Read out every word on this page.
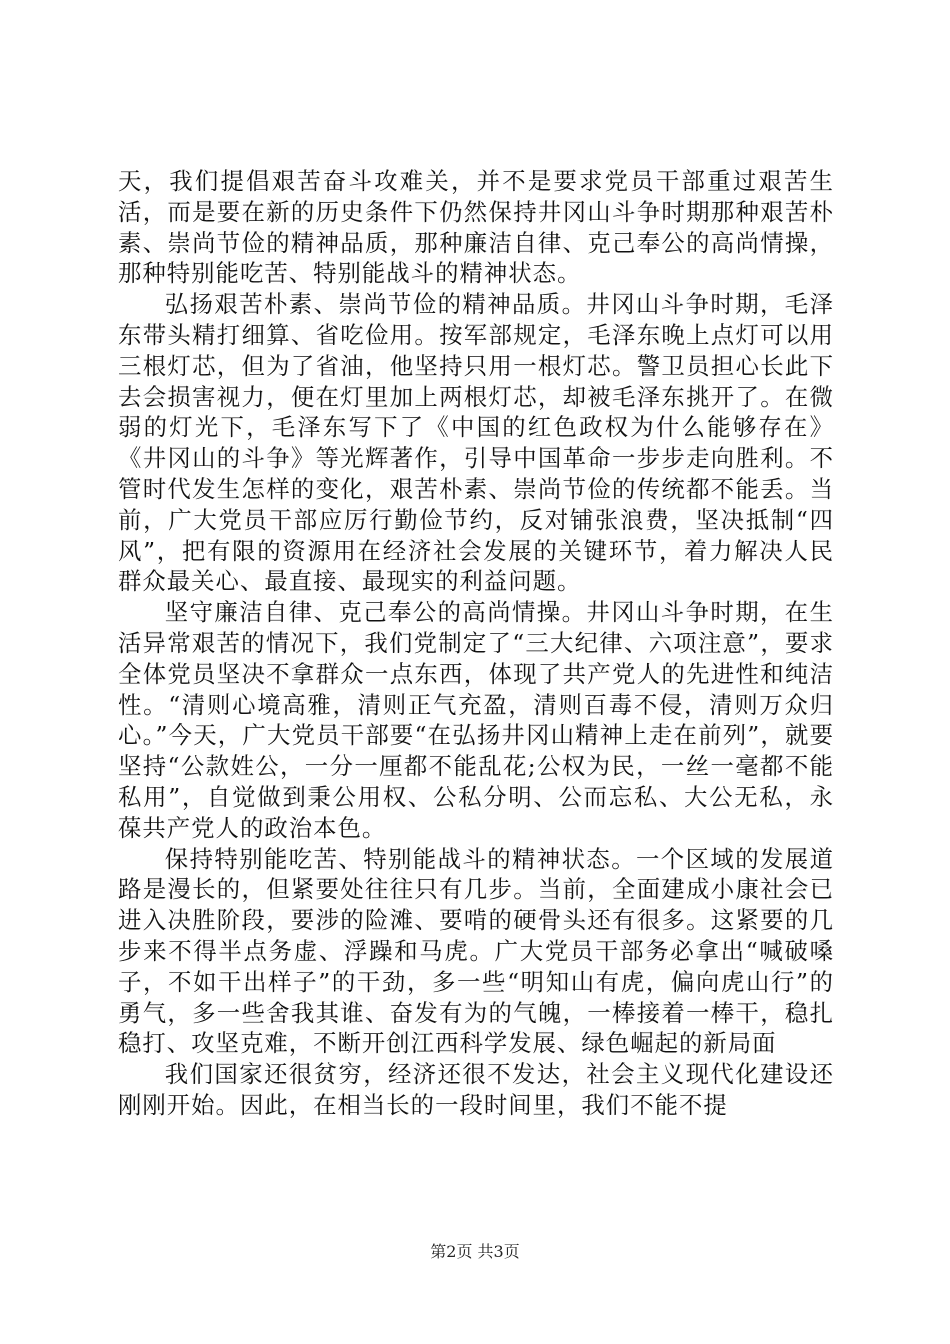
天，我们提倡艰苦奋斗攻难关，并不是要求党员干部重过艰苦生活，而是要在新的历史条件下仍然保持井冈山斗争时期那种艰苦朴素、崇尚节俭的精神品质，那种廉洁自律、克己奉公的高尚情操，那种特别能吃苦、特别能战斗的精神状态。

弘扬艰苦朴素、崇尚节俭的精神品质。井冈山斗争时期，毛泽东带头精打细算、省吃俭用。按军部规定，毛泽东晚上点灯可以用三根灯芯，但为了省油，他坚持只用一根灯芯。警卫员担心长此下去会损害视力，便在灯里加上两根灯芯，却被毛泽东挑开了。在微弱的灯光下，毛泽东写下了《中国的红色政权为什么能够存在》《井冈山的斗争》等光辉著作，引导中国革命一步步走向胜利。不管时代发生怎样的变化，艰苦朴素、崇尚节俭的传统都不能丢。当前，广大党员干部应厉行勤俭节约，反对铺张浪费，坚决抵制“四风”，把有限的资源用在经济社会发展的关键环节，着力解决人民群众最关心、最直接、最现实的利益问题。

坚守廉洁自律、克己奉公的高尚情操。井冈山斗争时期，在生活异常艰苦的情况下，我们党制定了“三大纪律、六项注意”，要求全体党员坚决不拿群众一点东西，体现了共产党人的先进性和纯洁性。“清则心境高雅，清则正气充盈，清则百毒不侵，清则万众归心。”今天，广大党员干部要“在弘扬井冈山精神上走在前列”，就要坚持“公款姓公，一分一厘都不能乱花;公权为民，一丝一毫都不能私用”，自觉做到秉公用权、公私分明、公而忘私、大公无私，永葆共产党人的政治本色。

保持特别能吃苦、特别能战斗的精神状态。一个区域的发展道路是漫长的，但紧要处往往只有几步。当前，全面建成小康社会已进入决胜阶段，要涉的险滩、要啃的硬骨头还有很多。这紧要的几步来不得半点务虚、浮躁和马虎。广大党员干部务必拿出“喊破嗓子，不如干出样子”的干劲，多一些“明知山有虎，偏向虎山行”的勇气，多一些舍我其谁、奋发有为的气魄，一棒接着一棒干，稳扎稳打、攻坚克难，不断开创江西科学发展、绿色崛起的新局面

我们国家还很贫穷，经济还很不发达，社会主义现代化建设还刚刚开始。因此，在相当长的一段时间里，我们不能不提

第2页 共3页
